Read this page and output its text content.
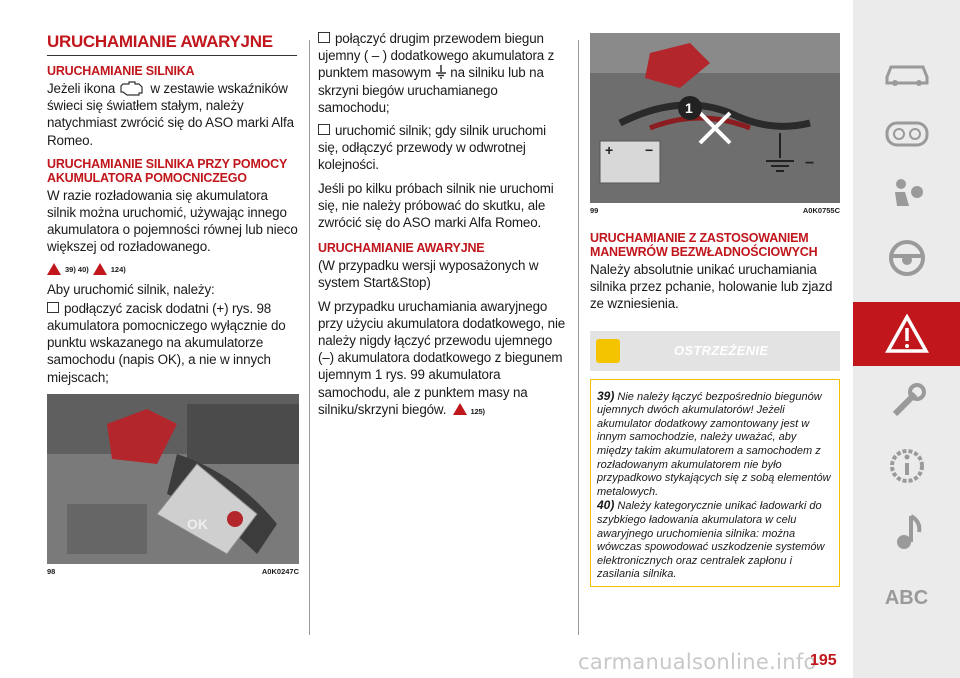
URUCHAMIANIE AWARYJNE
URUCHAMIANIE SILNIKA

Jeżeli ikona	w zestawie wskaźników świeci się światłem stałym, należy natychmiast zwrócić się do ASO marki Alfa Romeo.

URUCHAMIANIE SILNIKA PRZY POMOCY AKUMULATORA POMOCNICZEGO

W razie rozładowania się akumulatora silnik można uruchomić, używając innego akumulatora o pojemności równej lub nieco większej od rozładowanego.

39) 40)	124)

Aby uruchomić silnik, należy:

podłączyć zacisk dodatni (+) rys. 98 akumulatora pomocniczego wyłącznie do punktu wskazanego na akumulatorze samochodu (napis OK), a nie w innych miejscach;

OK
98	A0K0247C

połączyć drugim przewodem biegun ujemny ( – ) dodatkowego akumulatora z punktem masowym na silniku lub na skrzyni biegów uruchamianego samochodu;

uruchomić silnik; gdy silnik uruchomi się, odłączyć przewody w odwrotnej kolejności.

Jeśli po kilku próbach silnik nie uruchomi się, nie należy próbować do skutku, ale zwrócić się do ASO marki Alfa Romeo.

URUCHAMIANIE AWARYJNE

(W przypadku wersji wyposażonych w system Start&Stop)

W przypadku uruchamiania awaryjnego przy użyciu akumulatora dodatkowego, nie należy nigdy łączyć przewodu ujemnego (–) akumulatora dodatkowego z biegunem ujemnym 1 rys. 99 akumulatora samochodu, ale z punktem masy na silniku/skrzyni biegów.	125)

+ −
1
−
99	A0K0755C
URUCHAMIANIE Z ZASTOSOWANIEM MANEWRÓW BEZWŁADNOŚCIOWYCH

Należy absolutnie unikać uruchamiania silnika przez pchanie, holowanie lub zjazd ze wzniesienia.

OSTRZEŻENIE
39) Nie należy łączyć bezpośrednio biegunów ujemnych dwóch akumulatorów! Jeżeli akumulator dodatkowy zamontowany jest w innym samochodzie, należy uważać, aby między takim akumulatorem a samochodem z rozładowanym akumulatorem nie było przypadkowo stykających się z sobą elementów metalowych.
40) Należy kategorycznie unikać ładowarki do szybkiego ładowania akumulatora w celu awaryjnego uruchomienia silnika: można wówczas spowodować uszkodzenie systemów elektronicznych oraz centralek zapłonu i zasilania silnika.
ABC
carmanualsonline.info
195
